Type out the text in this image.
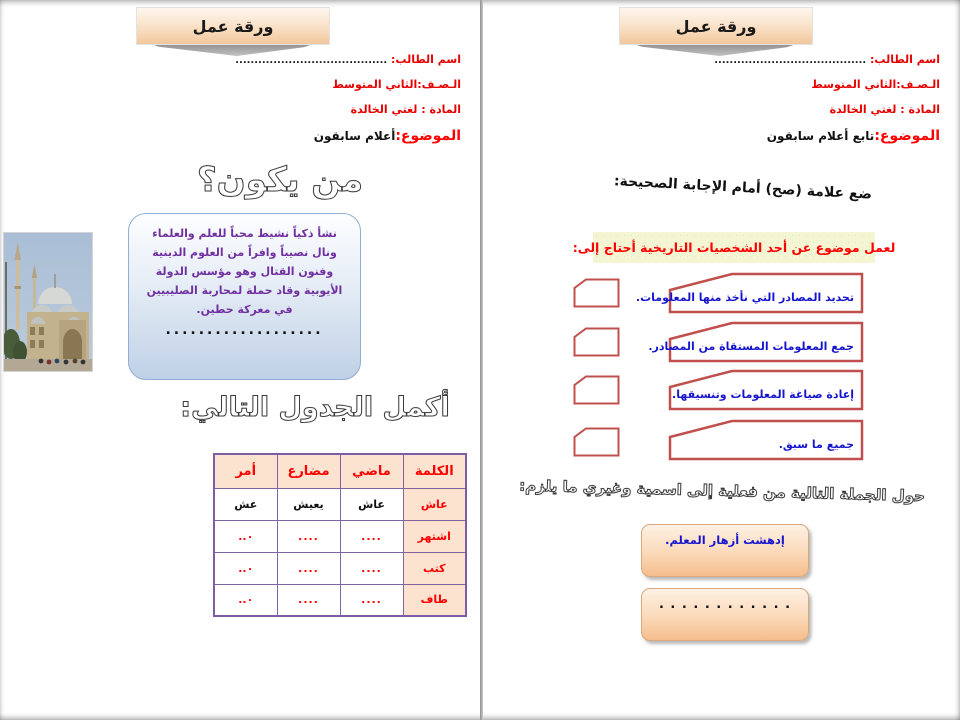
ورقة عمل

اسم الطالب: ........................................

الـصـف:الثاني المتوسط

المادة : لغتي الخالدة

الموضوع:أعلام سابقون

من يكون؟
نشأ ذكياً نشيط محباً للعلم والعلماء ونال نصيباً وافراً من العلوم الدينية وفنون القتال وهو مؤسس الدولة الأيوبية وقاد حملة لمحاربة الصليبيين في معركة حطين.
...................
أكمل الجدول التالي:
الكلمة	ماضي	مضارع	أمر
عاش	عاش	يعيش	عش
اشتهر	....	....	٠..
كتب	....	....	٠..
طاف	....	....	٠..
ورقة عمل

اسم الطالب: ........................................

الـصـف:الثاني المتوسط

المادة : لغتي الخالدة

الموضوع:تابع أعلام سابقون

ضع علامة (صح) أمام الإجابة الصحيحة:
لعمل موضوع عن أحد الشخصيات التاريخية أحتاج إلى:
تحديد المصادر التي نأخذ منها المعلومات.
جمع المعلومات المستقاة من المصادر.
إعادة صياغة المعلومات وتنسيقها.
جميع ما سبق.
حول الجملة التالية من فعلية إلى اسمية وغيري ما يلزم:
إدهشت أزهار المعلم.
. . . . . . . . . . . .
